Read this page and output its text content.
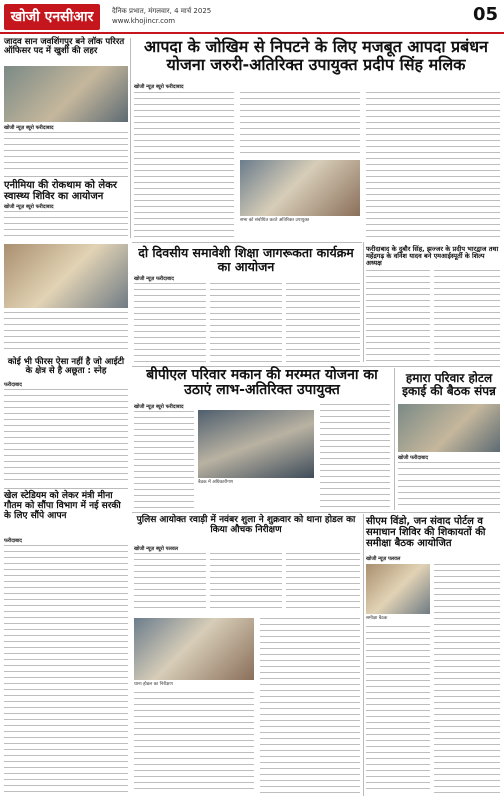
खोजी एनसीआर	दैनिक प्रभात, मंगलवार, 4 मार्च 2025
www.khojincr.com	05
जादव सान जवशिंगपुर बने लॉक परिरत ऑफिसर पद में खुशी की लहर
खोजी न्यूज़ ब्यूरो फरीदाबाद
एनीमिया की रोकथाम को लेकर स्वास्थ्य शिविर का आयोजन
खोजी न्यूज़ ब्यूरो फरीदाबाद
आपदा के जोखिम से निपटने के लिए मजबूत आपदा प्रबंधन योजना जरुरी-अतिरिक्त उपायुक्त प्रदीप सिंह मलिक
खोजी न्यूज़ ब्यूरो फरीदाबाद
सभा को संबोधित करते अतिरिक्त उपायुक्त
कोई भी फीरस ऐसा नहीं है जो आईटी के क्षेत्र से है अछूता : स्नेह
फरीदाबाद
दो दिवसीय समावेशी शिक्षा जागरूकता कार्यक्रम का आयोजन
खोजी न्यूज़ फरीदाबाद
फरीदाबाद के दुबौर सिंह, झज्जर के प्रदीप भारद्वाज तथा महेंद्रगढ़ के वनिश यादव बने एमआईस्पूर्ती के शिल्प अध्यक्ष
बीपीएल परिवार मकान की मरम्मत योजना का उठाएं लाभ-अतिरिक्त उपायुक्त
खोजी न्यूज़ ब्यूरो फरीदाबाद
बैठक में अधिकारीगण
हमारा परिवार होटल इकाई की बैठक संपन्न
खोजी फरीदाबाद
खेल स्टेडियम को लेकर मंत्री मीना गौतम को सौंपा विभाग में नई सरकी के लिए सौंपे आपन
फरीदाबाद
पुलिस आयोक्त रवाड़ी में नवंबर शुला ने शुक्रवार को थाना होडल का किया औचक निरीक्षण
खोजी न्यूज़ ब्यूरो पलवल
थाना होडल का निरीक्षण
सीएम विंडो, जन संवाद पोर्टल व समाधान शिविर की शिकायतों की समीक्षा बैठक आयोजित
खोजी न्यूज़ पलवल
समीक्षा बैठक
